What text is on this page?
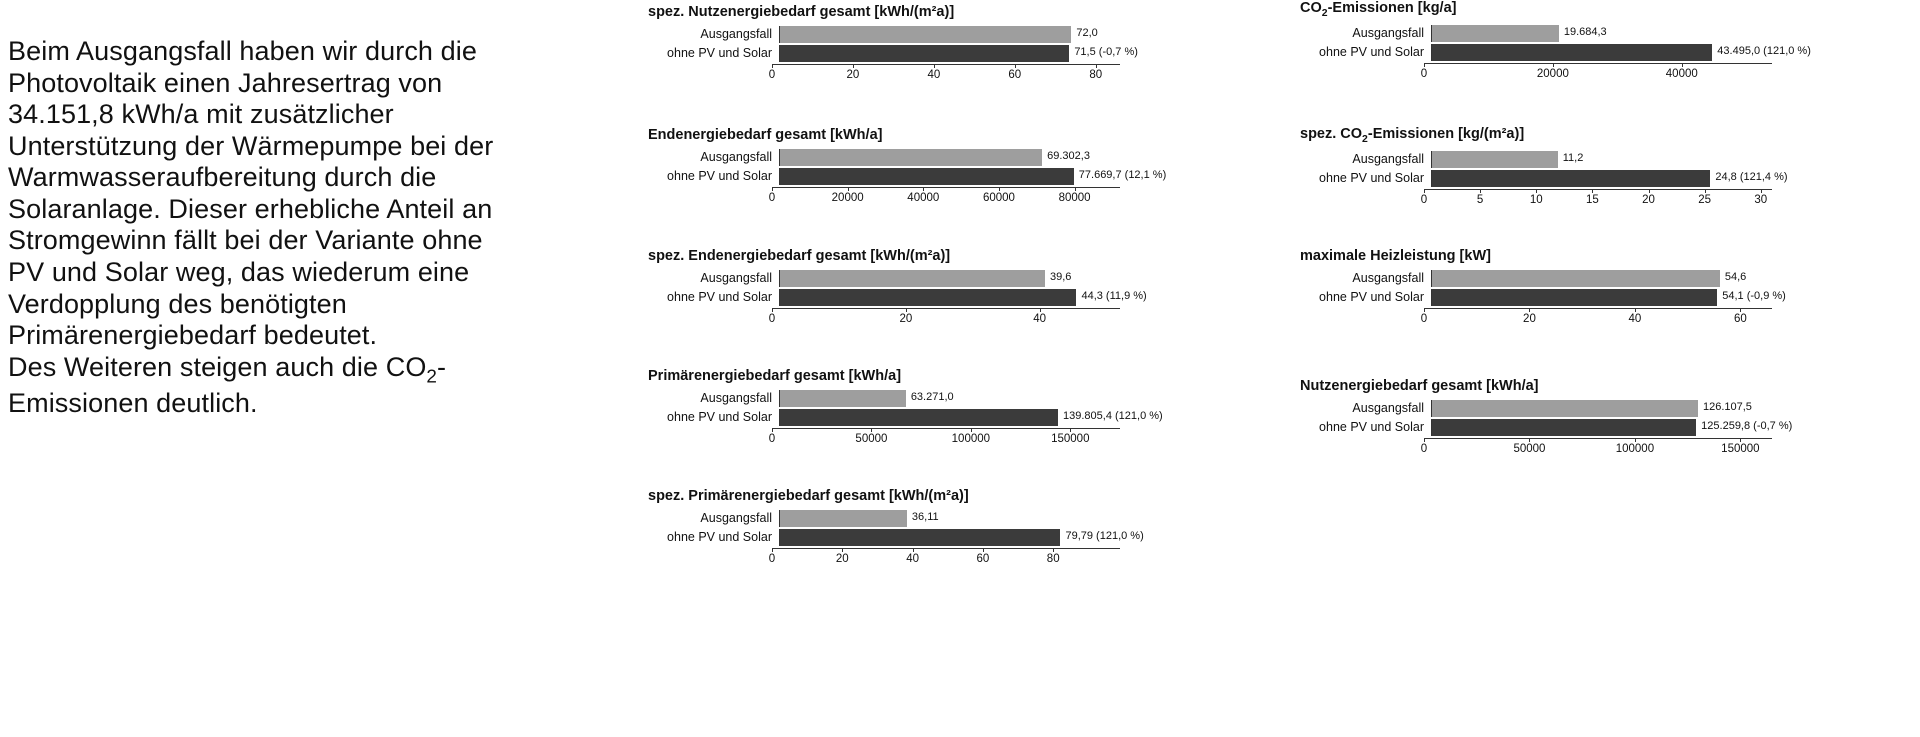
Beim Ausgangsfall haben wir durch die

Photovoltaik einen Jahresertrag von

34.151,8 kWh/a mit zusätzlicher

Unterstützung der Wärmepumpe bei der

Warmwasseraufbereitung durch die

Solaranlage. Dieser erhebliche Anteil an

Stromgewinn fällt bei der Variante ohne

PV und Solar weg, das wiederum eine

Verdopplung des benötigten

Primärenergiebedarf bedeutet.

Des Weiteren steigen auch die $CO_2-$

Emissionen deutlich.

spez. Nutzenergiebedarf gesamt [kWh/(m²a)]
Ausgangsfall	72,0
ohne PV und Solar	71,5 (-0,7 %)
0	20	40	60	80
Endenergiebedarf gesamt [kWh/a]
Ausgangsfall	69.302,3
ohne PV und Solar	77.669,7 (12,1 %)
0	20000	40000	60000	80000
spez. Endenergiebedarf gesamt [kWh/(m²a)]
Ausgangsfall	39,6
ohne PV und Solar	44,3 (11,9 %)
0	20	40
Primärenergiebedarf gesamt [kWh/a]
Ausgangsfall	63.271,0
ohne PV und Solar	139.805,4 (121,0 %)
0	50000	100000	150000
spez. Primärenergiebedarf gesamt [kWh/(m²a)]
Ausgangsfall	36,11
ohne PV und Solar	79,79 (121,0 %)
0	20	40	60	80
$CO_2$-Emissionen [kg/a]
Ausgangsfall	19.684,3
ohne PV und Solar	43.495,0 (121,0 %)
0	20000	40000
spez. $CO_2$-Emissionen [kg/(m²a)]
Ausgangsfall	11,2
ohne PV und Solar	24,8 (121,4 %)
0	5	10	15	20	25	30
maximale Heizleistung [kW]
Ausgangsfall	54,6
ohne PV und Solar	54,1 (-0,9 %)
0	20	40	60
Nutzenergiebedarf gesamt [kWh/a]
Ausgangsfall	126.107,5
ohne PV und Solar	125.259,8 (-0,7 %)
0	50000	100000	150000
